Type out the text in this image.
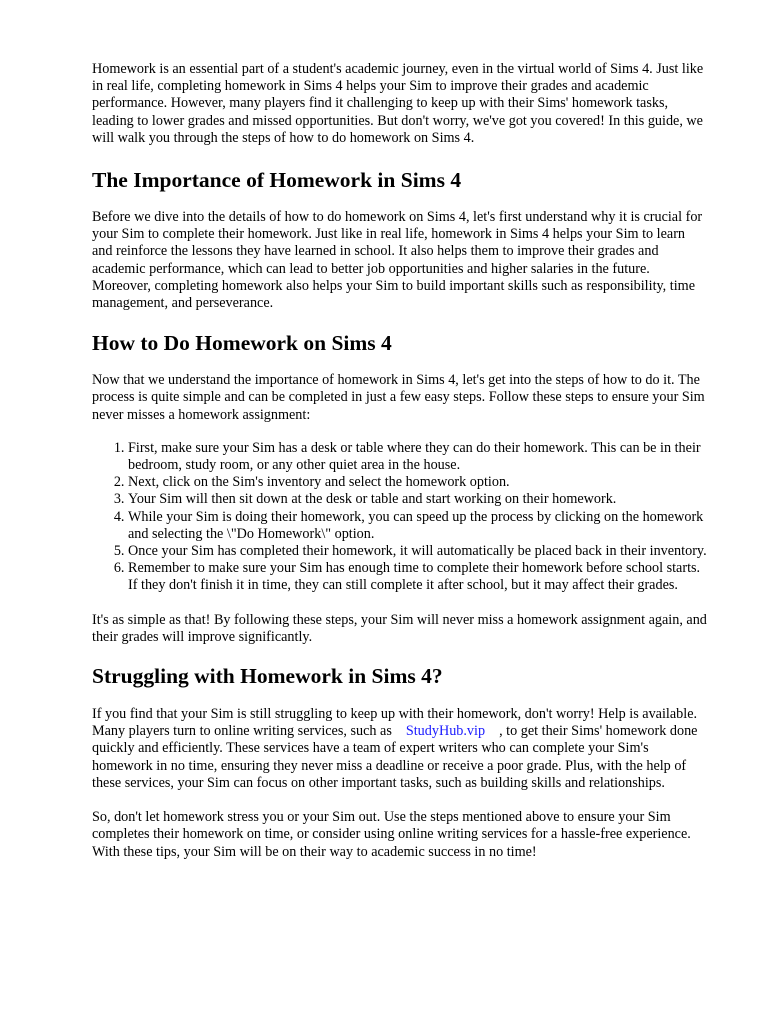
Homework is an essential part of a student's academic journey, even in the virtual world of Sims 4. Just like in real life, completing homework in Sims 4 helps your Sim to improve their grades and academic performance. However, many players find it challenging to keep up with their Sims' homework tasks, leading to lower grades and missed opportunities. But don't worry, we've got you covered! In this guide, we will walk you through the steps of how to do homework on Sims 4.

The Importance of Homework in Sims 4

Before we dive into the details of how to do homework on Sims 4, let's first understand why it is crucial for your Sim to complete their homework. Just like in real life, homework in Sims 4 helps your Sim to learn and reinforce the lessons they have learned in school. It also helps them to improve their grades and academic performance, which can lead to better job opportunities and higher salaries in the future. Moreover, completing homework also helps your Sim to build important skills such as responsibility, time management, and perseverance.

How to Do Homework on Sims 4

Now that we understand the importance of homework in Sims 4, let's get into the steps of how to do it. The process is quite simple and can be completed in just a few easy steps. Follow these steps to ensure your Sim never misses a homework assignment:

1. First, make sure your Sim has a desk or table where they can do their homework. This can be in their bedroom, study room, or any other quiet area in the house.
2. Next, click on the Sim's inventory and select the homework option.
3. Your Sim will then sit down at the desk or table and start working on their homework.
4. While your Sim is doing their homework, you can speed up the process by clicking on the homework and selecting the \"Do Homework\" option.
5. Once your Sim has completed their homework, it will automatically be placed back in their inventory.
6. Remember to make sure your Sim has enough time to complete their homework before school starts. If they don't finish it in time, they can still complete it after school, but it may affect their grades.

It's as simple as that! By following these steps, your Sim will never miss a homework assignment again, and their grades will improve significantly.

Struggling with Homework in Sims 4?

If you find that your Sim is still struggling to keep up with their homework, don't worry! Help is available. Many players turn to online writing services, such as StudyHub.vip , to get their Sims' homework done quickly and efficiently. These services have a team of expert writers who can complete your Sim's homework in no time, ensuring they never miss a deadline or receive a poor grade. Plus, with the help of these services, your Sim can focus on other important tasks, such as building skills and relationships.

So, don't let homework stress you or your Sim out. Use the steps mentioned above to ensure your Sim completes their homework on time, or consider using online writing services for a hassle-free experience. With these tips, your Sim will be on their way to academic success in no time!
